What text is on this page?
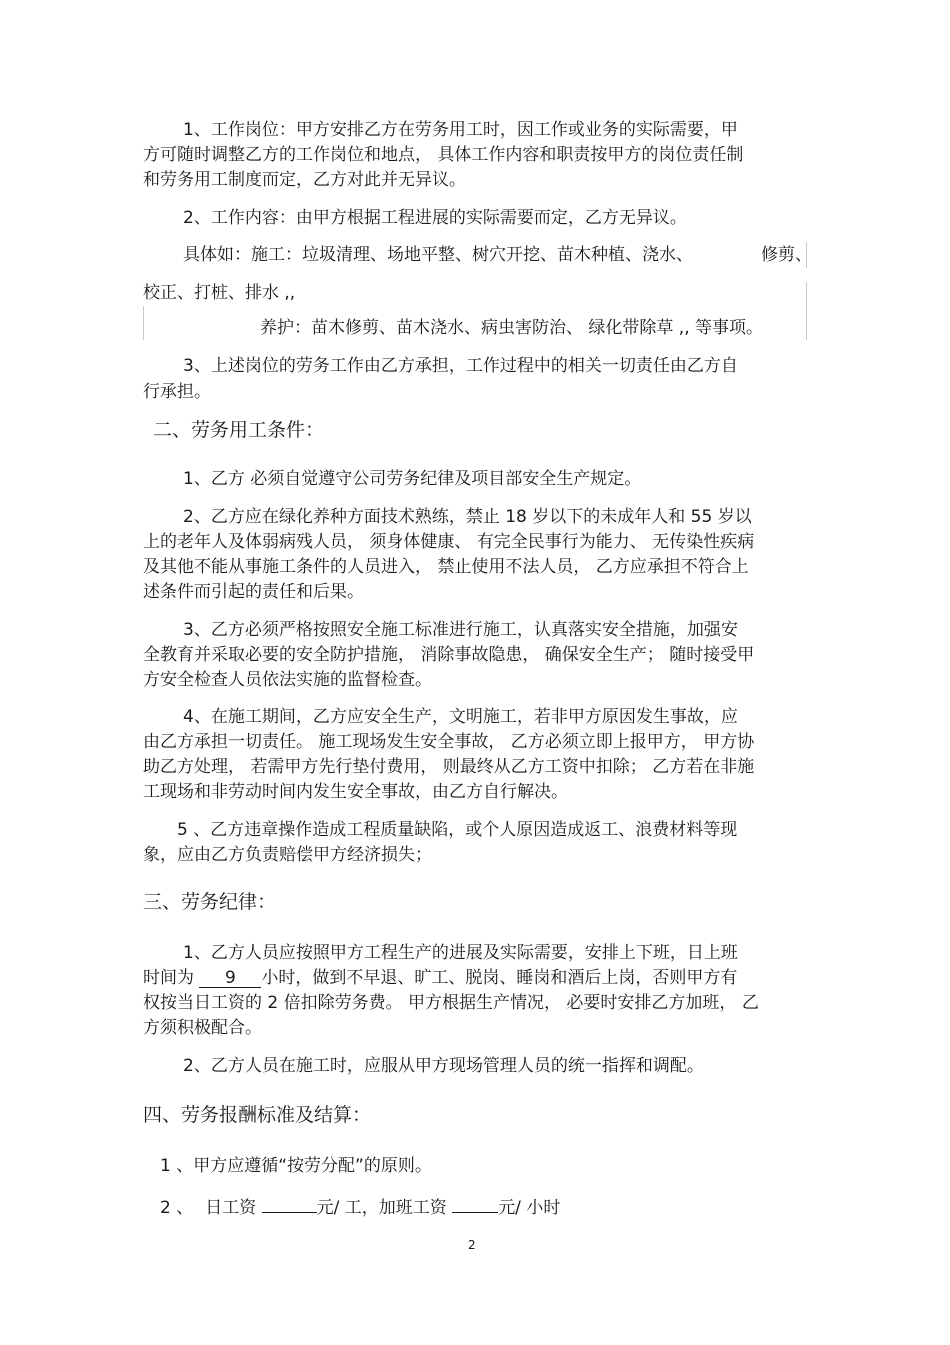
1、工作岗位：甲方安排乙方在劳务用工时，因工作或业务的实际需要，甲
方可随时调整乙方的工作岗位和地点， 具体工作内容和职责按甲方的岗位责任制
和劳务用工制度而定，乙方对此并无异议。
2、工作内容：由甲方根据工程进展的实际需要而定，乙方无异议。
具体如：施工：垃圾清理、场地平整、树穴开挖、苗木种植、浇水、	修剪、
校正、打桩、排水 ,,
养护：苗木修剪、苗木浇水、病虫害防治、 绿化带除草 ,, 等事项。
3、上述岗位的劳务工作由乙方承担，工作过程中的相关一切责任由乙方自
行承担。
二、劳务用工条件：
1、乙方 必须自觉遵守公司劳务纪律及项目部安全生产规定。
2、乙方应在绿化养种方面技术熟练，禁止 18 岁以下的未成年人和 55 岁以
上的老年人及体弱病残人员， 须身体健康、 有完全民事行为能力、 无传染性疾病
及其他不能从事施工条件的人员进入， 禁止使用不法人员， 乙方应承担不符合上
述条件而引起的责任和后果。
3、乙方必须严格按照安全施工标准进行施工，认真落实安全措施，加强安
全教育并采取必要的安全防护措施， 消除事故隐患， 确保安全生产； 随时接受甲
方安全检查人员依法实施的监督检查。
4、在施工期间，乙方应安全生产，文明施工，若非甲方原因发生事故，应
由乙方承担一切责任。 施工现场发生安全事故， 乙方必须立即上报甲方， 甲方协
助乙方处理， 若需甲方先行垫付费用， 则最终从乙方工资中扣除； 乙方若在非施
工现场和非劳动时间内发生安全事故，由乙方自行解决。
5 、乙方违章操作造成工程质量缺陷，或个人原因造成返工、浪费材料等现
象，应由乙方负责赔偿甲方经济损失；
三、劳务纪律：
1、乙方人员应按照甲方工程生产的进展及实际需要，安排上下班，日上班
时间为 9 小时，做到不早退、旷工、脱岗、睡岗和酒后上岗，否则甲方有
权按当日工资的 2 倍扣除劳务费。 甲方根据生产情况， 必要时安排乙方加班， 乙
方须积极配合。
2、乙方人员在施工时，应服从甲方现场管理人员的统一指挥和调配。
四、劳务报酬标准及结算：
1 、甲方应遵循“按劳分配”的原则。
2 、 日工资	元/ 工，加班工资	元/ 小时
2
